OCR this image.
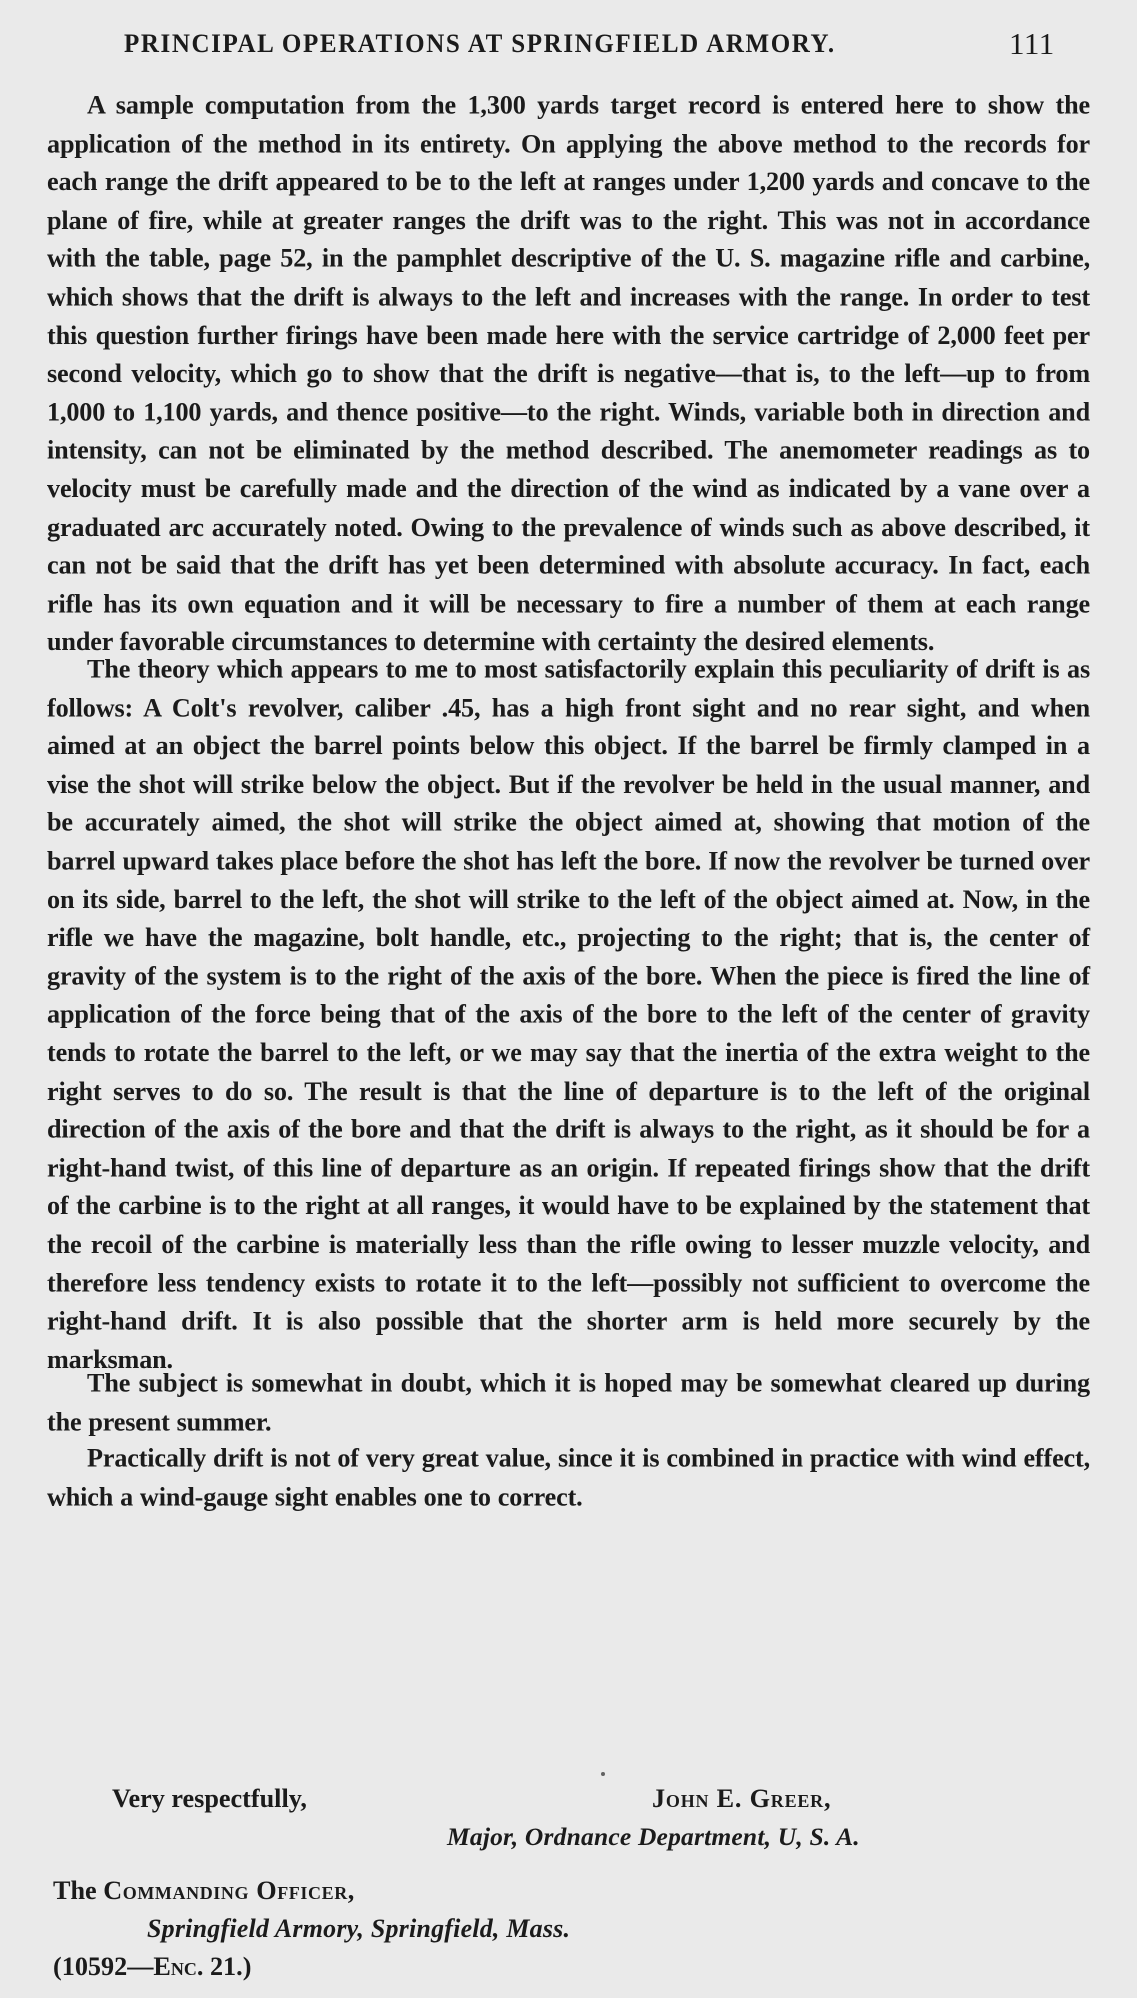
PRINCIPAL OPERATIONS AT SPRINGFIELD ARMORY.	111

A sample computation from the 1,300 yards target record is entered here to show the application of the method in its entirety. On applying the above method to the records for each range the drift appeared to be to the left at ranges under 1,200 yards and concave to the plane of fire, while at greater ranges the drift was to the right. This was not in accordance with the table, page 52, in the pamphlet descriptive of the U. S. magazine rifle and carbine, which shows that the drift is always to the left and increases with the range. In order to test this question further firings have been made here with the service cartridge of 2,000 feet per second velocity, which go to show that the drift is negative—that is, to the left—up to from 1,000 to 1,100 yards, and thence positive—to the right. Winds, variable both in direction and intensity, can not be eliminated by the method described. The anemometer readings as to velocity must be carefully made and the direction of the wind as indicated by a vane over a graduated arc accurately noted. Owing to the prevalence of winds such as above described, it can not be said that the drift has yet been determined with absolute accuracy. In fact, each rifle has its own equation and it will be necessary to fire a number of them at each range under favorable circumstances to determine with certainty the desired elements.

The theory which appears to me to most satisfactorily explain this peculiarity of drift is as follows: A Colt's revolver, caliber .45, has a high front sight and no rear sight, and when aimed at an object the barrel points below this object. If the barrel be firmly clamped in a vise the shot will strike below the object. But if the revolver be held in the usual manner, and be accurately aimed, the shot will strike the object aimed at, showing that motion of the barrel upward takes place before the shot has left the bore. If now the revolver be turned over on its side, barrel to the left, the shot will strike to the left of the object aimed at. Now, in the rifle we have the magazine, bolt handle, etc., projecting to the right; that is, the center of gravity of the system is to the right of the axis of the bore. When the piece is fired the line of application of the force being that of the axis of the bore to the left of the center of gravity tends to rotate the barrel to the left, or we may say that the inertia of the extra weight to the right serves to do so. The result is that the line of departure is to the left of the original direction of the axis of the bore and that the drift is always to the right, as it should be for a right-hand twist, of this line of departure as an origin. If repeated firings show that the drift of the carbine is to the right at all ranges, it would have to be explained by the statement that the recoil of the carbine is materially less than the rifle owing to lesser muzzle velocity, and therefore less tendency exists to rotate it to the left—possibly not sufficient to overcome the right-hand drift. It is also possible that the shorter arm is held more securely by the marksman.

The subject is somewhat in doubt, which it is hoped may be somewhat cleared up during the present summer.

Practically drift is not of very great value, since it is combined in practice with wind effect, which a wind-gauge sight enables one to correct.

Very respectfully,	John E. Greer,
Major, Ordnance Department, U, S. A.
The Commanding Officer,
Springfield Armory, Springfield, Mass.
(10592—Enc. 21.)
